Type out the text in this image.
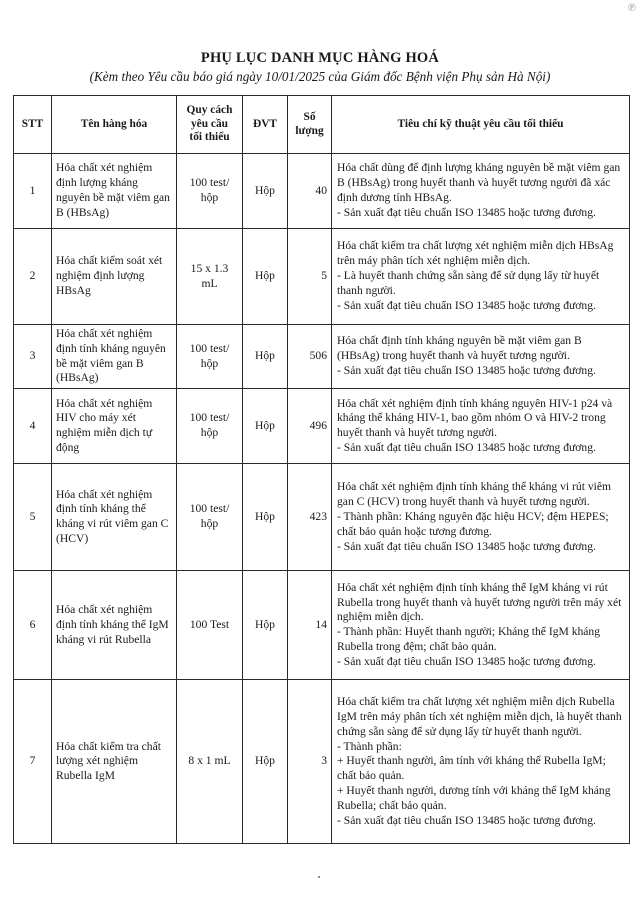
℗
PHỤ LỤC DANH MỤC HÀNG HOÁ
(Kèm theo Yêu cầu báo giá ngày 10/01/2025 của Giám đốc Bệnh viện Phụ sản Hà Nội)
STT	Tên hàng hóa	Quy cách
yêu cầu
tối thiểu	ĐVT	Số
lượng	Tiêu chí kỹ thuật yêu cầu tối thiểu
1	Hóa chất xét nghiệm định lượng kháng nguyên bề mặt viêm gan B (HBsAg)	100 test/
hộp	Hộp	40	Hóa chất dùng để định lượng kháng nguyên bề mặt viêm gan B (HBsAg) trong huyết thanh và huyết tương người đã xác định dương tính HBsAg.
- Sản xuất đạt tiêu chuẩn ISO 13485 hoặc tương đương.

2	Hóa chất kiểm soát xét nghiệm định lượng HBsAg	15 x 1.3
mL	Hộp	5	Hóa chất kiểm tra chất lượng xét nghiệm miễn dịch HBsAg trên máy phân tích xét nghiệm miễn dịch.
- Là huyết thanh chứng sẵn sàng để sử dụng lấy từ huyết thanh người.
- Sản xuất đạt tiêu chuẩn ISO 13485 hoặc tương đương.

3	Hóa chất xét nghiệm định tính kháng nguyên bề mặt viêm gan B (HBsAg)	100 test/
hộp	Hộp	506	Hóa chất định tính kháng nguyên bề mặt viêm gan B (HBsAg) trong huyết thanh và huyết tương người.
- Sản xuất đạt tiêu chuẩn ISO 13485 hoặc tương đương.

4	Hóa chất xét nghiệm HIV cho máy xét nghiệm miễn dịch tự động	100 test/
hộp	Hộp	496	Hóa chất xét nghiệm định tính kháng nguyên HIV-1 p24 và kháng thể kháng HIV-1, bao gồm nhóm O và HIV-2 trong huyết thanh và huyết tương người.
- Sản xuất đạt tiêu chuẩn ISO 13485 hoặc tương đương.

5	Hóa chất xét nghiệm định tính kháng thể kháng vi rút viêm gan C (HCV)	100 test/
hộp	Hộp	423	Hóa chất xét nghiệm định tính kháng thể kháng vi rút viêm gan C (HCV) trong huyết thanh và huyết tương người.
- Thành phần: Kháng nguyên đặc hiệu HCV; đệm HEPES; chất bảo quản hoặc tương đương.
- Sản xuất đạt tiêu chuẩn ISO 13485 hoặc tương đương.

6	Hóa chất xét nghiệm định tính kháng thể IgM kháng vi rút Rubella	100 Test	Hộp	14	Hóa chất xét nghiệm định tính kháng thể IgM kháng vi rút Rubella trong huyết thanh và huyết tương người trên máy xét nghiệm miễn dịch.
- Thành phần: Huyết thanh người; Kháng thể IgM kháng Rubella trong đệm; chất bảo quản.
- Sản xuất đạt tiêu chuẩn ISO 13485 hoặc tương đương.

7	Hóa chất kiểm tra chất lượng xét nghiệm Rubella IgM	8 x 1 mL	Hộp	3	Hóa chất kiểm tra chất lượng xét nghiệm miễn dịch Rubella IgM trên máy phân tích xét nghiệm miễn dịch, là huyết thanh chứng sẵn sàng để sử dụng lấy từ huyết thanh người.
- Thành phần:
+ Huyết thanh người, âm tính với kháng thể Rubella IgM; chất bảo quản.
+ Huyết thanh người, dương tính với kháng thể IgM kháng Rubella; chất bảo quản.
- Sản xuất đạt tiêu chuẩn ISO 13485 hoặc tương đương.
